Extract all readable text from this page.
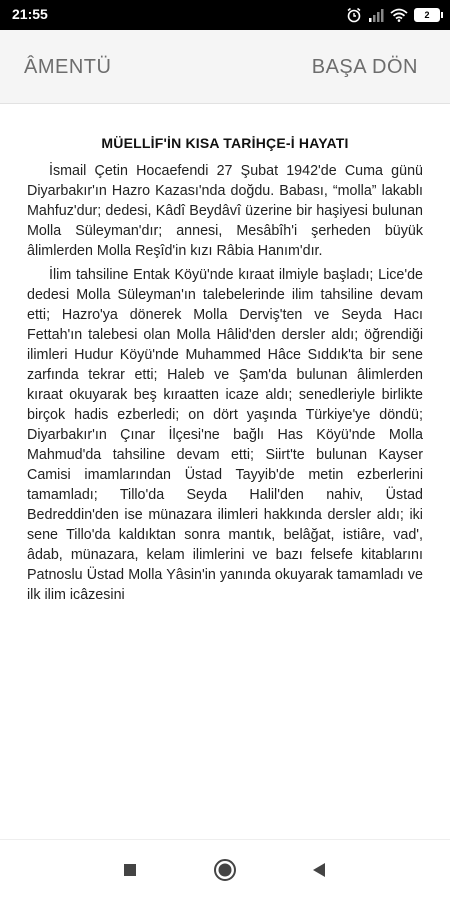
21:55	2
ÂMENTÜ	BAŞA DÖN
MÜELLİF'İN KISA TARİHÇE-İ HAYATI

İsmail Çetin Hocaefendi 27 Şubat 1942'de Cuma günü Diyarbakır'ın Hazro Kazası'nda doğdu. Babası, “molla” lakablı Mahfuz'dur; dedesi, Kâdî Beydâvî üzerine bir haşiyesi bulunan Molla Süleyman'dır; annesi, Mesâbîh'i şerheden büyük âlimlerden Molla Reşîd'in kızı Râbia Hanım'dır.

İlim tahsiline Entak Köyü'nde kıraat ilmiyle başladı; Lice'de dedesi Molla Süleyman'ın talebelerinde ilim tahsiline devam etti; Hazro'ya dönerek Molla Derviş'ten ve Seyda Hacı Fettah'ın talebesi olan Molla Hâlid'den dersler aldı; öğrendiği ilimleri Hudur Köyü'nde Muhammed Hâce Sıddık'ta bir sene zarfında tekrar etti; Haleb ve Şam'da bulunan âlimlerden kıraat okuyarak beş kıraatten icaze aldı; senedleriyle birlikte birçok hadis ezberledi; on dört yaşında Türkiye'ye döndü; Diyarbakır'ın Çınar İlçesi'ne bağlı Has Köyü'nde Molla Mahmud'da tahsiline devam etti; Siirt'te bulunan Kayser Camisi imamlarından Üstad Tayyib'de metin ezberlerini tamamladı; Tillo'da Seyda Halil'den nahiv, Üstad Bedreddin'den ise münazara ilimleri hakkında dersler aldı; iki sene Tillo'da kaldıktan sonra mantık, belâğat, istiâre, vad', âdab, münazara, kelam ilimlerini ve bazı felsefe kitablarını Patnoslu Üstad Molla Yâsin'in yanında okuyarak tamamladı ve ilk ilim icâzesini
